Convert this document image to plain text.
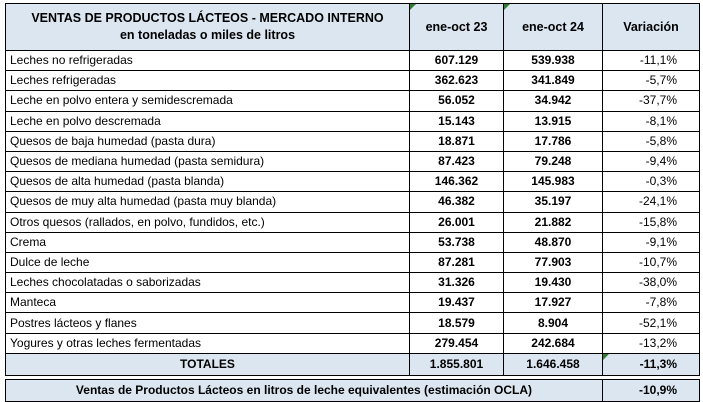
VENTAS DE PRODUCTOS LÁCTEOS - MERCADO INTERNO
en toneladas o miles de litros	ene-oct 23	ene-oct 24	Variación
Leches no refrigeradas	607.129	539.938	-11,1%
Leches refrigeradas	362.623	341.849	-5,7%
Leche en polvo entera y semidescremada	56.052	34.942	-37,7%
Leche en polvo descremada	15.143	13.915	-8,1%
Quesos de baja humedad (pasta dura)	18.871	17.786	-5,8%
Quesos de mediana humedad (pasta semidura)	87.423	79.248	-9,4%
Quesos de alta humedad (pasta blanda)	146.362	145.983	-0,3%
Quesos de muy alta humedad (pasta muy blanda)	46.382	35.197	-24,1%
Otros quesos (rallados, en polvo, fundidos, etc.)	26.001	21.882	-15,8%
Crema	53.738	48.870	-9,1%
Dulce de leche	87.281	77.903	-10,7%
Leches chocolatadas o saborizadas	31.326	19.430	-38,0%
Manteca	19.437	17.927	-7,8%
Postres lácteos y flanes	18.579	8.904	-52,1%
Yogures y otras leches fermentadas	279.454	242.684	-13,2%
TOTALES	1.855.801	1.646.458	-11,3%

Ventas de Productos Lácteos en litros de leche equivalentes (estimación OCLA)			-10,9%
